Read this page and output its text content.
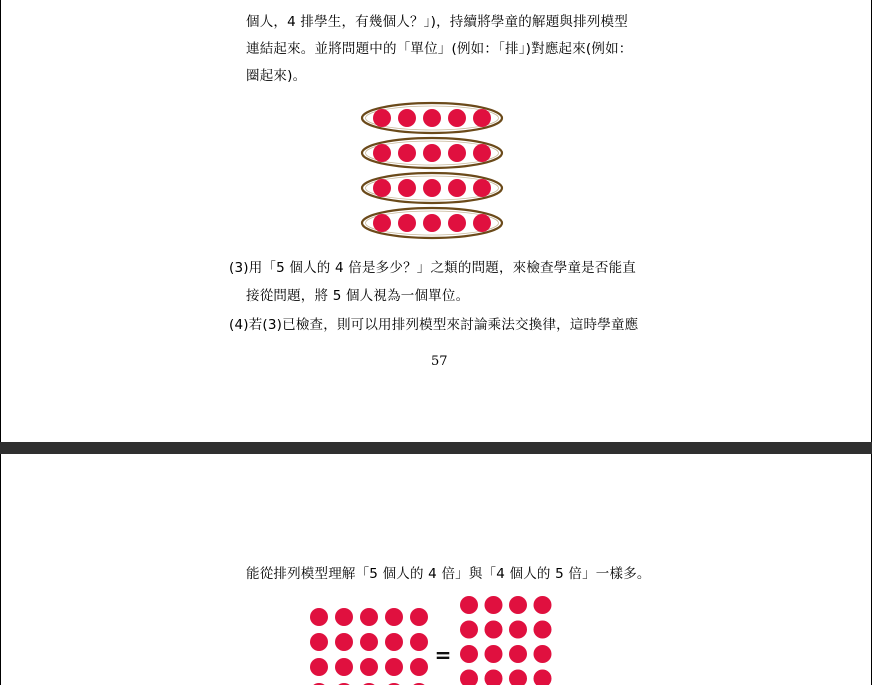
個人，4 排學生，有幾個人？」)，持續將學童的解題與排列模型
連結起來。並將問題中的「單位」(例如：「排」)對應起來(例如：
圈起來)。
(3)用「5 個人的 4 倍是多少？」之類的問題，來檢查學童是否能直
接從問題，將 5 個人視為一個單位。
(4)若(3)已檢查，則可以用排列模型來討論乘法交換律，這時學童應
57
能從排列模型理解「5 個人的 4 倍」與「4 個人的 5 倍」一樣多。
=
